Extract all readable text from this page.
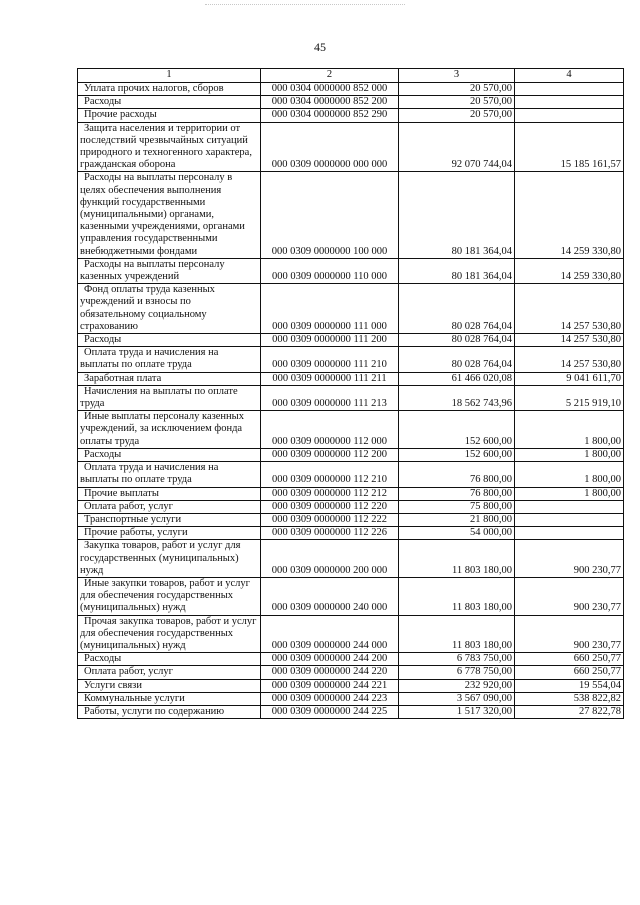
45
1	2	3	4
Уплата прочих налогов, сборов	000 0304 0000000 852 000	20 570,00	
Расходы	000 0304 0000000 852 200	20 570,00	
Прочие расходы	000 0304 0000000 852 290	20 570,00	
Защита населения и территории от последствий чрезвычайных ситуаций природного и техногенного характера, гражданская оборона	000 0309 0000000 000 000	92 070 744,04	15 185 161,57
Расходы на выплаты персоналу в целях обеспечения выполнения функций государственными (муниципальными) органами, казенными учреждениями, органами управления государственными внебюджетными фондами	000 0309 0000000 100 000	80 181 364,04	14 259 330,80
Расходы на выплаты персоналу казенных учреждений	000 0309 0000000 110 000	80 181 364,04	14 259 330,80
Фонд оплаты труда казенных учреждений и взносы по обязательному социальному страхованию	000 0309 0000000 111 000	80 028 764,04	14 257 530,80
Расходы	000 0309 0000000 111 200	80 028 764,04	14 257 530,80
Оплата труда и начисления на выплаты по оплате труда	000 0309 0000000 111 210	80 028 764,04	14 257 530,80
Заработная плата	000 0309 0000000 111 211	61 466 020,08	9 041 611,70
Начисления на выплаты по оплате труда	000 0309 0000000 111 213	18 562 743,96	5 215 919,10
Иные выплаты персоналу казенных учреждений, за исключением фонда оплаты труда	000 0309 0000000 112 000	152 600,00	1 800,00
Расходы	000 0309 0000000 112 200	152 600,00	1 800,00
Оплата труда и начисления на выплаты по оплате труда	000 0309 0000000 112 210	76 800,00	1 800,00
Прочие выплаты	000 0309 0000000 112 212	76 800,00	1 800,00
Оплата работ, услуг	000 0309 0000000 112 220	75 800,00	
Транспортные услуги	000 0309 0000000 112 222	21 800,00	
Прочие работы, услуги	000 0309 0000000 112 226	54 000,00	
Закупка товаров, работ и услуг для государственных (муниципальных) нужд	000 0309 0000000 200 000	11 803 180,00	900 230,77
Иные закупки товаров, работ и услуг для обеспечения государственных (муниципальных) нужд	000 0309 0000000 240 000	11 803 180,00	900 230,77
Прочая закупка товаров, работ и услуг для обеспечения государственных (муниципальных) нужд	000 0309 0000000 244 000	11 803 180,00	900 230,77
Расходы	000 0309 0000000 244 200	6 783 750,00	660 250,77
Оплата работ, услуг	000 0309 0000000 244 220	6 778 750,00	660 250,77
Услуги связи	000 0309 0000000 244 221	232 920,00	19 554,04
Коммунальные услуги	000 0309 0000000 244 223	3 567 090,00	538 822,82
Работы, услуги по содержанию	000 0309 0000000 244 225	1 517 320,00	27 822,78
